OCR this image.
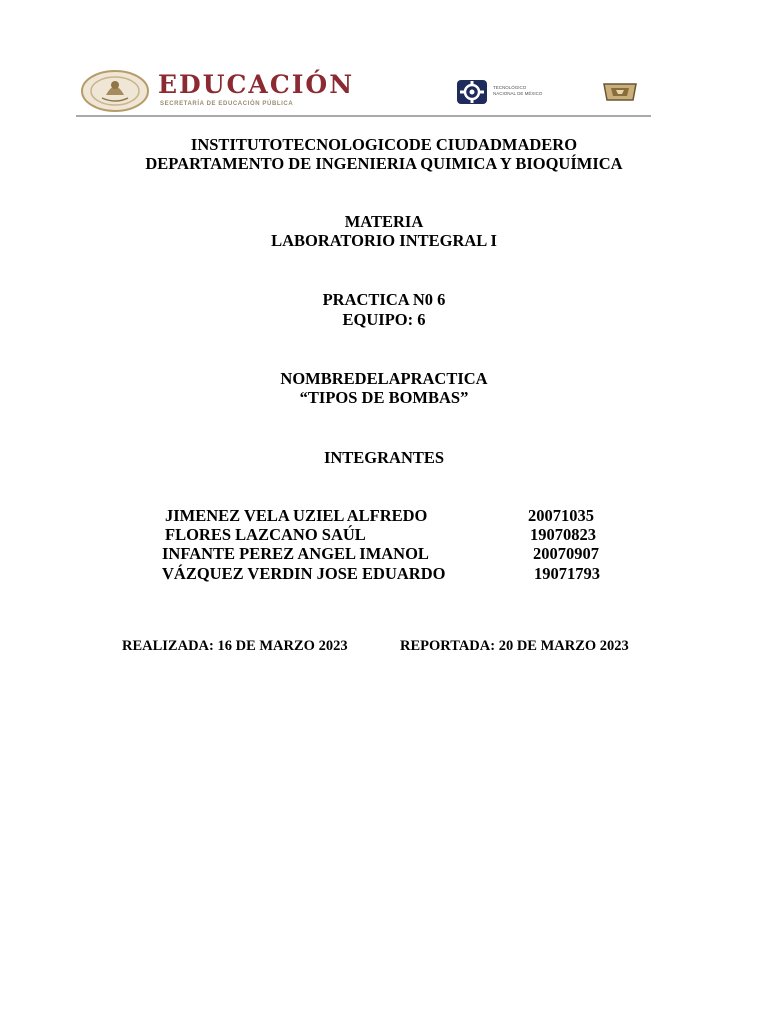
EDUCACIÓN
SECRETARÍA DE EDUCACIÓN PÚBLICA
TECNOLÓGICO
NACIONAL DE MÉXICO
INSTITUTOTECNOLOGICODE CIUDADMADERO
DEPARTAMENTO DE INGENIERIA QUIMICA Y BIOQUÍMICA
MATERIA
LABORATORIO INTEGRAL I
PRACTICA N0 6
EQUIPO: 6
NOMBREDELAPRACTICA
“TIPOS DE BOMBAS”
INTEGRANTES
JIMENEZ VELA UZIEL ALFREDO	20071035
FLORES LAZCANO SAÚL	19070823
INFANTE PEREZ ANGEL IMANOL	20070907
VÁZQUEZ VERDIN JOSE EDUARDO	19071793
REALIZADA: 16 DE MARZO 2023	REPORTADA: 20 DE MARZO 2023
